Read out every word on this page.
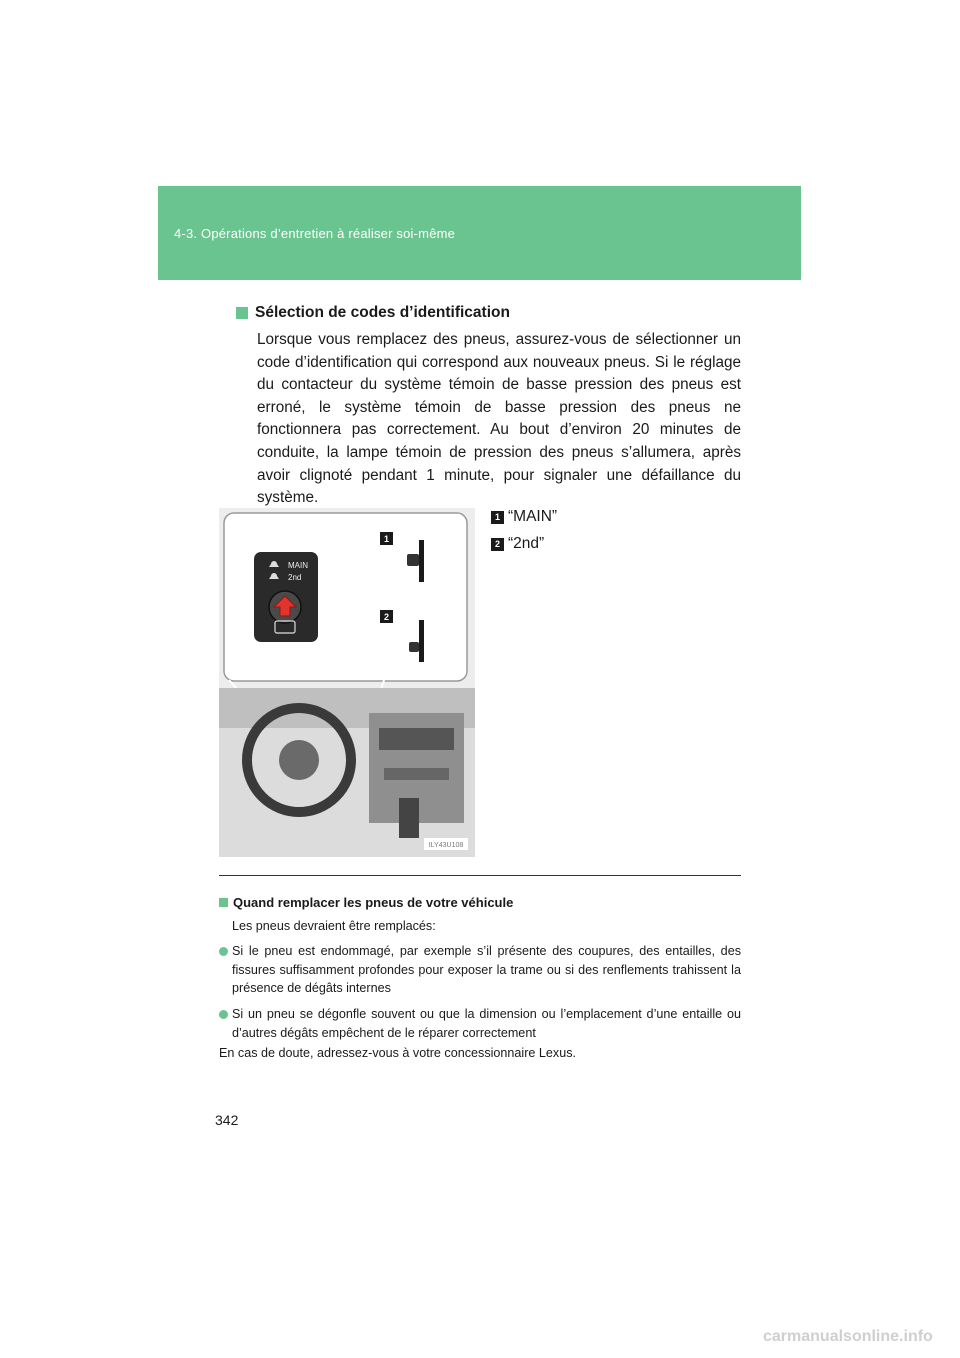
4-3. Opérations d’entretien à réaliser soi-même
Sélection de codes d’identification
Lorsque vous remplacez des pneus, assurez-vous de sélectionner un code d’identification qui correspond aux nouveaux pneus. Si le réglage du contacteur du système témoin de basse pression des pneus est erroné, le système témoin de basse pression des pneus ne fonctionnera pas correctement. Au bout d’environ 20 minutes de conduite, la lampe témoin de pression des pneus s’allumera, après avoir clignoté pendant 1 minute, pour signaler une défaillance du système.
MAIN
2nd
1
2
ILY43U108
1 “MAIN”
2 “2nd”
Quand remplacer les pneus de votre véhicule
Les pneus devraient être remplacés:
Si le pneu est endommagé, par exemple s’il présente des coupures, des entailles, des fissures suffisamment profondes pour exposer la trame ou si des renflements trahissent la présence de dégâts internes
Si un pneu se dégonfle souvent ou que la dimension ou l’emplacement d’une entaille ou d’autres dégâts empêchent de le réparer correctement
En cas de doute, adressez-vous à votre concessionnaire Lexus.
342
carmanualsonline.info
